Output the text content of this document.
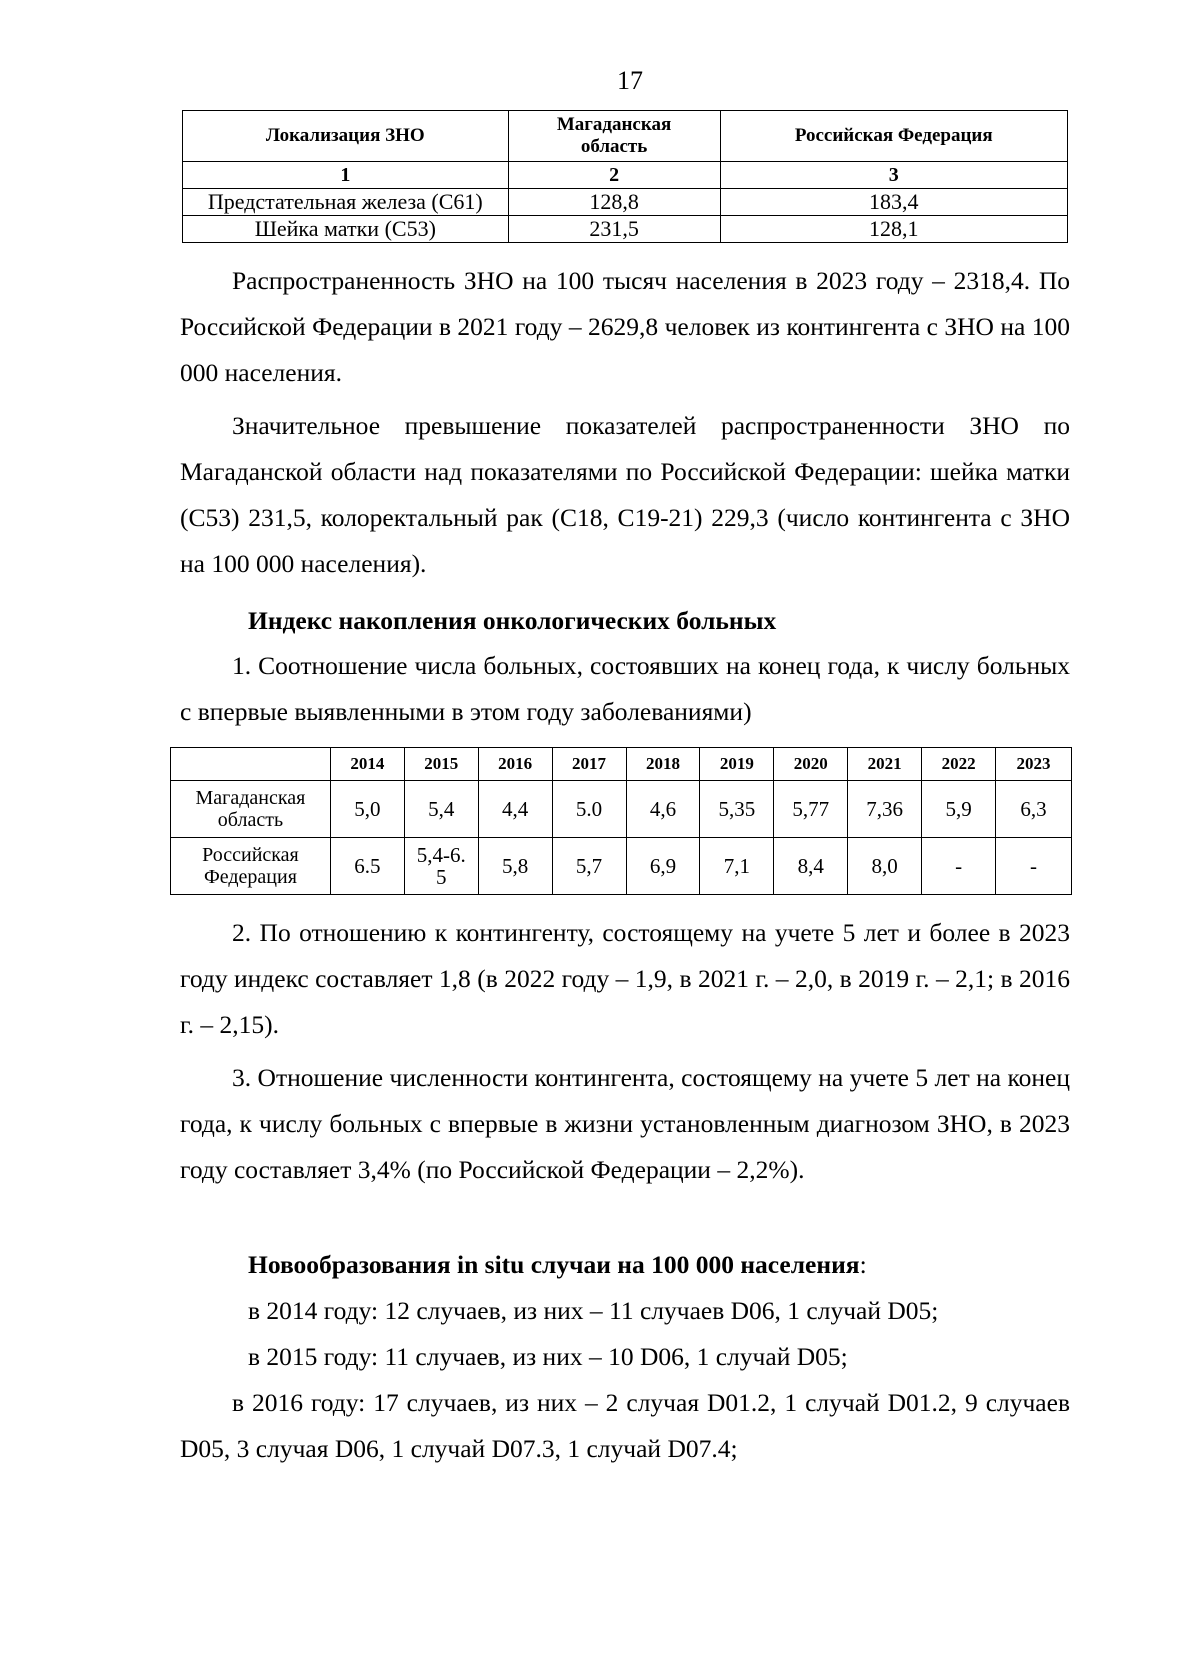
17
Локализация ЗНО	Магаданская область	Российская Федерация
1	2	3
Предстательная железа (С61)	128,8	183,4
Шейка матки (С53)	231,5	128,1

Распространенность ЗНО на 100 тысяч населения в 2023 году – 2318,4. По Российской Федерации в 2021 году – 2629,8 человек из контингента с ЗНО на 100 000 населения.

Значительное превышение показателей распространенности ЗНО по Магаданской области над показателями по Российской Федерации: шейка матки (С53) 231,5, колоректальный рак (С18, С19-21) 229,3 (число контингента с ЗНО на 100 000 населения).

Индекс накопления онкологических больных

1. Соотношение числа больных, состоявших на конец года, к числу больных с впервые выявленными в этом году заболеваниями)

	2014	2015	2016	2017	2018	2019	2020	2021	2022	2023
Магаданская
область	5,0	5,4	4,4	5.0	4,6	5,35	5,77	7,36	5,9	6,3
Российская
Федерация	6.5	5,4-6.5	5,8	5,7	6,9	7,1	8,4	8,0	-	-

2. По отношению к контингенту, состоящему на учете 5 лет и более в 2023 году индекс составляет 1,8 (в 2022 году – 1,9, в 2021 г. – 2,0, в 2019 г. – 2,1; в 2016 г. – 2,15).

3. Отношение численности контингента, состоящему на учете 5 лет на конец года, к числу больных с впервые в жизни установленным диагнозом ЗНО, в 2023 году составляет 3,4% (по Российской Федерации – 2,2%).

Новообразования in situ случаи на 100 000 населения:

в 2014 году: 12 случаев, из них – 11 случаев D06, 1 случай D05;

в 2015 году: 11 случаев, из них – 10 D06, 1 случай D05;

в 2016 году: 17 случаев, из них – 2 случая D01.2, 1 случай D01.2, 9 случаев D05, 3 случая D06, 1 случай D07.3, 1 случай D07.4;
